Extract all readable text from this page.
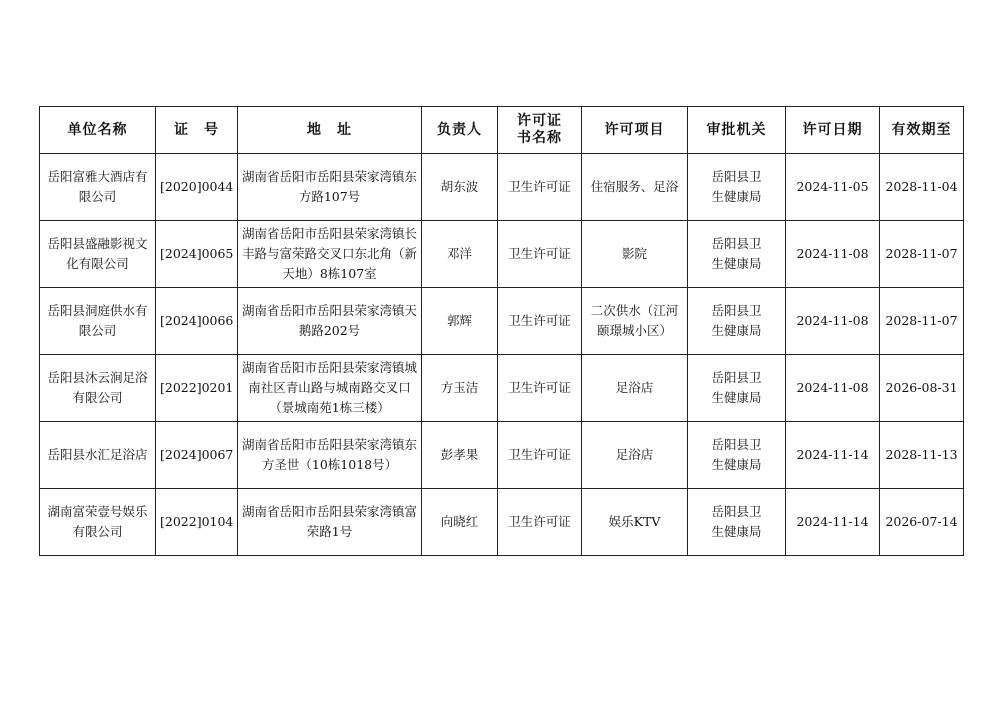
单位名称	证　号	地　址	负责人	许可证书名称	许可项目	审批机关	许可日期	有效期至
岳阳富雅大酒店有限公司	[2020]0044	湖南省岳阳市岳阳县荣家湾镇东方路107号	胡东波	卫生许可证	住宿服务、足浴	岳阳县卫生健康局	2024-11-05	2028-11-04
岳阳县盛融影视文化有限公司	[2024]0065	湖南省岳阳市岳阳县荣家湾镇长丰路与富荣路交叉口东北角（新天地）8栋107室	邓洋	卫生许可证	影院	岳阳县卫生健康局	2024-11-08	2028-11-07
岳阳县洞庭供水有限公司	[2024]0066	湖南省岳阳市岳阳县荣家湾镇天鹅路202号	郭辉	卫生许可证	二次供水（江河颐璟城小区）	岳阳县卫生健康局	2024-11-08	2028-11-07
岳阳县沐云涧足浴有限公司	[2022]0201	湖南省岳阳市岳阳县荣家湾镇城南社区青山路与城南路交叉口（景城南苑1栋三楼）	方玉洁	卫生许可证	足浴店	岳阳县卫生健康局	2024-11-08	2026-08-31
岳阳县水汇足浴店	[2024]0067	湖南省岳阳市岳阳县荣家湾镇东方圣世（10栋1018号）	彭孝果	卫生许可证	足浴店	岳阳县卫生健康局	2024-11-14	2028-11-13
湖南富荣壹号娱乐有限公司	[2022]0104	湖南省岳阳市岳阳县荣家湾镇富荣路1号	向晓红	卫生许可证	娱乐KTV	岳阳县卫生健康局	2024-11-14	2026-07-14
